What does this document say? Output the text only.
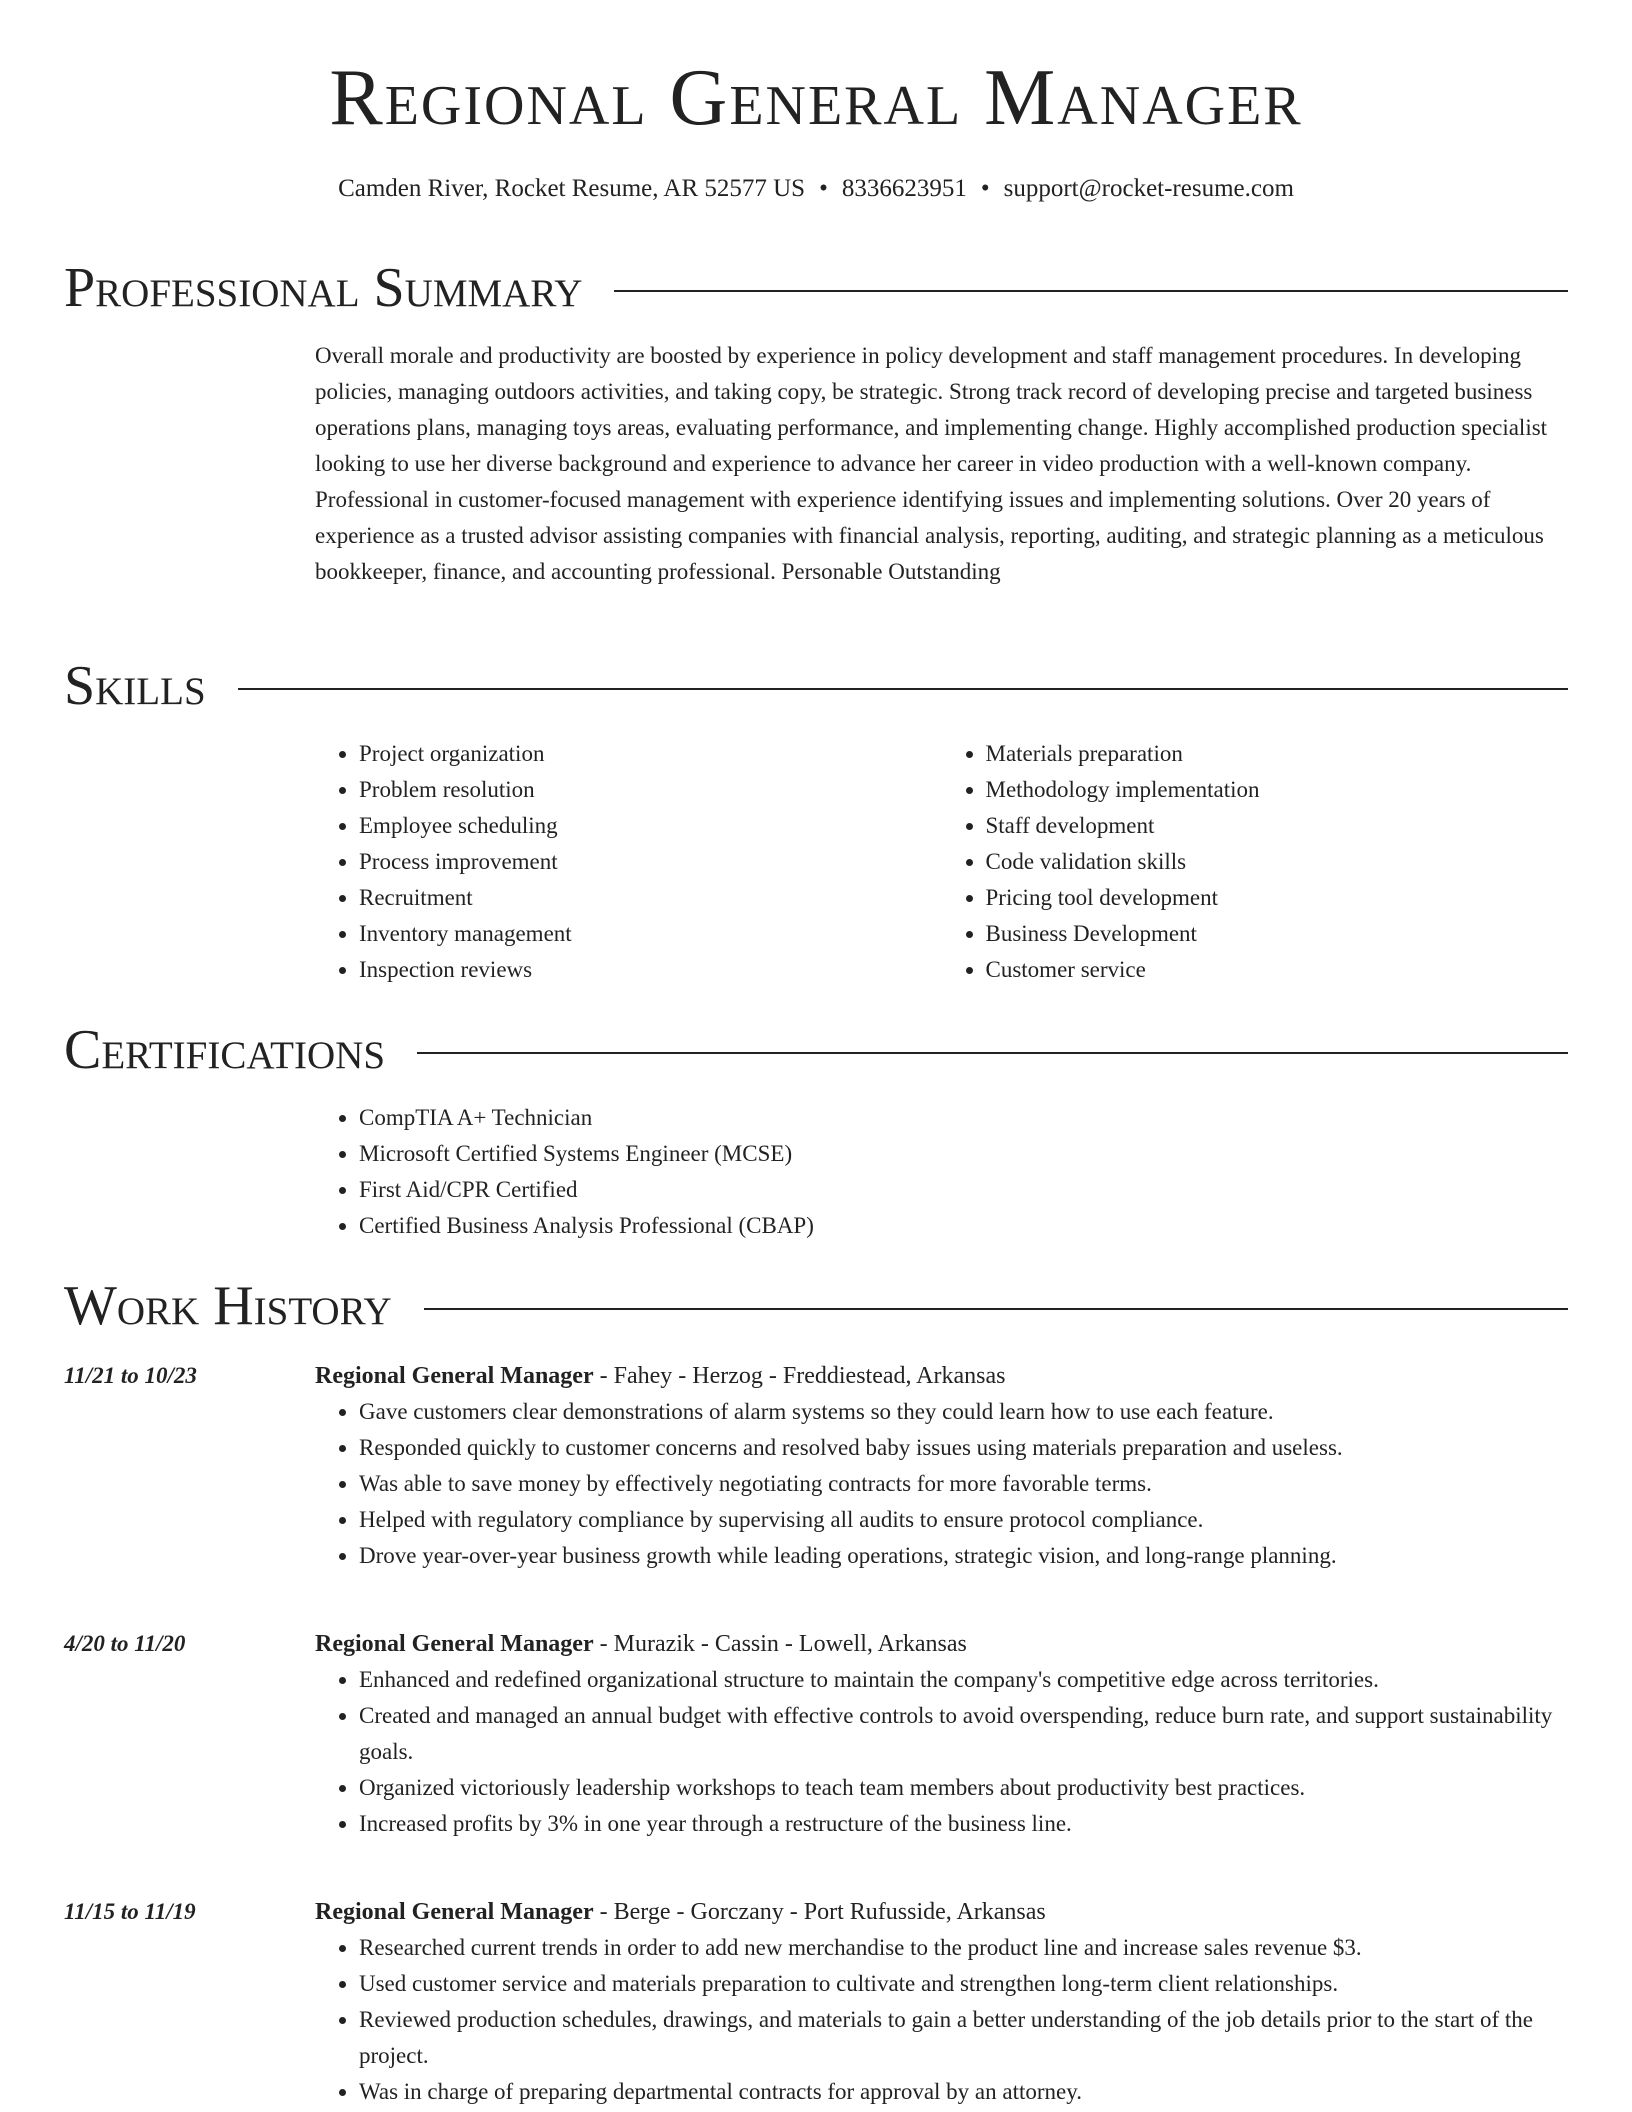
Regional General Manager
Camden River, Rocket Resume, AR 52577 US • 8336623951 • support@rocket-resume.com
Professional Summary

Overall morale and productivity are boosted by experience in policy development and staff management procedures. In developing policies, managing outdoors activities, and taking copy, be strategic. Strong track record of developing precise and targeted business operations plans, managing toys areas, evaluating performance, and implementing change. Highly accomplished production specialist looking to use her diverse background and experience to advance her career in video production with a well-known company. Professional in customer-focused management with experience identifying issues and implementing solutions. Over 20 years of experience as a trusted advisor assisting companies with financial analysis, reporting, auditing, and strategic planning as a meticulous bookkeeper, finance, and accounting professional. Personable Outstanding

Skills
• Project organization
• Problem resolution
• Employee scheduling
• Process improvement
• Recruitment
• Inventory management
• Inspection reviews
• Materials preparation
• Methodology implementation
• Staff development
• Code validation skills
• Pricing tool development
• Business Development
• Customer service
Certifications
• CompTIA A+ Technician
• Microsoft Certified Systems Engineer (MCSE)
• First Aid/CPR Certified
• Certified Business Analysis Professional (CBAP)
Work History
11/21 to 10/23	Regional General Manager - Fahey - Herzog - Freddiestead, Arkansas
• Gave customers clear demonstrations of alarm systems so they could learn how to use each feature.
• Responded quickly to customer concerns and resolved baby issues using materials preparation and useless.
• Was able to save money by effectively negotiating contracts for more favorable terms.
• Helped with regulatory compliance by supervising all audits to ensure protocol compliance.
• Drove year-over-year business growth while leading operations, strategic vision, and long-range planning.
4/20 to 11/20	Regional General Manager - Murazik - Cassin - Lowell, Arkansas
• Enhanced and redefined organizational structure to maintain the company's competitive edge across territories.
• Created and managed an annual budget with effective controls to avoid overspending, reduce burn rate, and support sustainability goals.
• Organized victoriously leadership workshops to teach team members about productivity best practices.
• Increased profits by 3% in one year through a restructure of the business line.
11/15 to 11/19	Regional General Manager - Berge - Gorczany - Port Rufusside, Arkansas
• Researched current trends in order to add new merchandise to the product line and increase sales revenue $3.
• Used customer service and materials preparation to cultivate and strengthen long-term client relationships.
• Reviewed production schedules, drawings, and materials to gain a better understanding of the job details prior to the start of the project.
• Was in charge of preparing departmental contracts for approval by an attorney.
